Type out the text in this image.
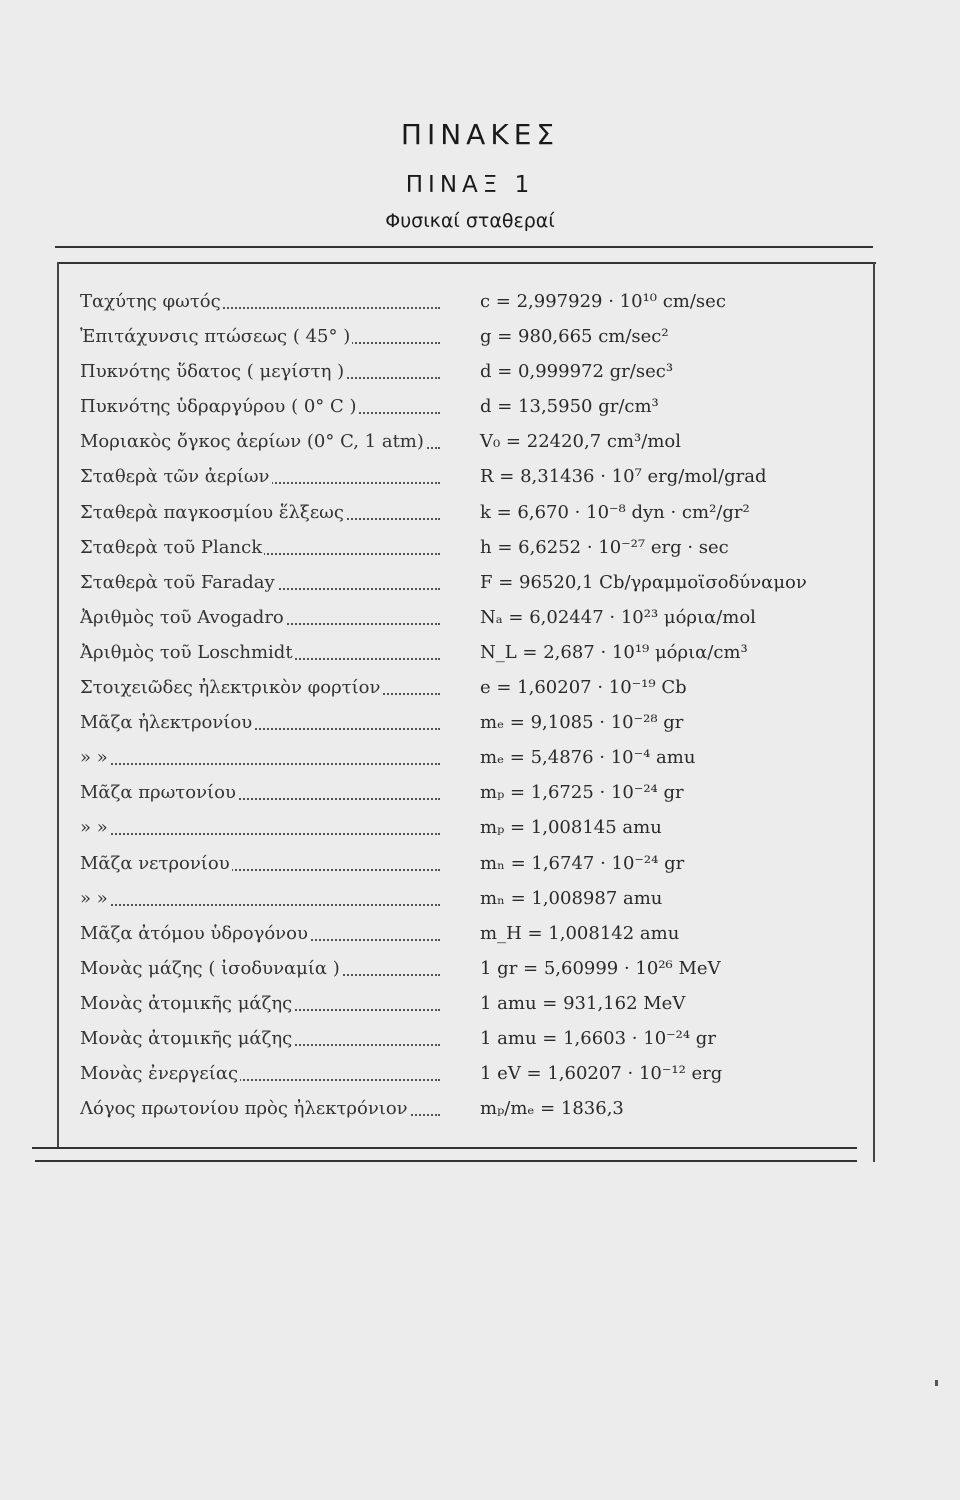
ΠΙΝΑΚΕΣ
ΠΙΝΑΞ 1
Φυσικαί σταθεραί
Ταχύτης φωτός	c = 2,997929 · 10¹⁰ cm/sec
Ἐπιτάχυνσις πτώσεως ( 45° )	g = 980,665 cm/sec²
Πυκνότης ὕδατος ( μεγίστη )	d = 0,999972 gr/sec³
Πυκνότης ὑδραργύρου ( 0° C )	d = 13,5950 gr/cm³
Μοριακὸς ὄγκος ἀερίων (0° C, 1 atm)	V₀ = 22420,7 cm³/mol
Σταθερὰ τῶν ἀερίων	R = 8,31436 · 10⁷ erg/mol/grad
Σταθερὰ παγκοσμίου ἕλξεως	k = 6,670 · 10⁻⁸ dyn · cm²/gr²
Σταθερὰ τοῦ Planck	h = 6,6252 · 10⁻²⁷ erg · sec
Σταθερὰ τοῦ Faraday	F = 96520,1 Cb/γραμμοϊσοδύναμον
Ἀριθμὸς τοῦ Avogadro	Nₐ = 6,02447 · 10²³ μόρια/mol
Ἀριθμὸς τοῦ Loschmidt	N_L = 2,687 · 10¹⁹ μόρια/cm³
Στοιχειῶδες ἠλεκτρικὸν φορτίον	e = 1,60207 · 10⁻¹⁹ Cb
Μᾶζα ἠλεκτρονίου	mₑ = 9,1085 · 10⁻²⁸ gr
» »	mₑ = 5,4876 · 10⁻⁴ amu
Μᾶζα πρωτονίου	mₚ = 1,6725 · 10⁻²⁴ gr
» »	mₚ = 1,008145 amu
Μᾶζα νετρονίου	mₙ = 1,6747 · 10⁻²⁴ gr
» »	mₙ = 1,008987 amu
Μᾶζα ἀτόμου ὑδρογόνου	m_H = 1,008142 amu
Μονὰς μάζης ( ἰσοδυναμία )	1 gr = 5,60999 · 10²⁶ MeV
Μονὰς ἀτομικῆς μάζης	1 amu = 931,162 MeV
Μονὰς ἀτομικῆς μάζης	1 amu = 1,6603 · 10⁻²⁴ gr
Μονὰς ἐνεργείας	1 eV = 1,60207 · 10⁻¹² erg
Λόγος πρωτονίου πρὸς ἠλεκτρόνιον	mₚ/mₑ = 1836,3
